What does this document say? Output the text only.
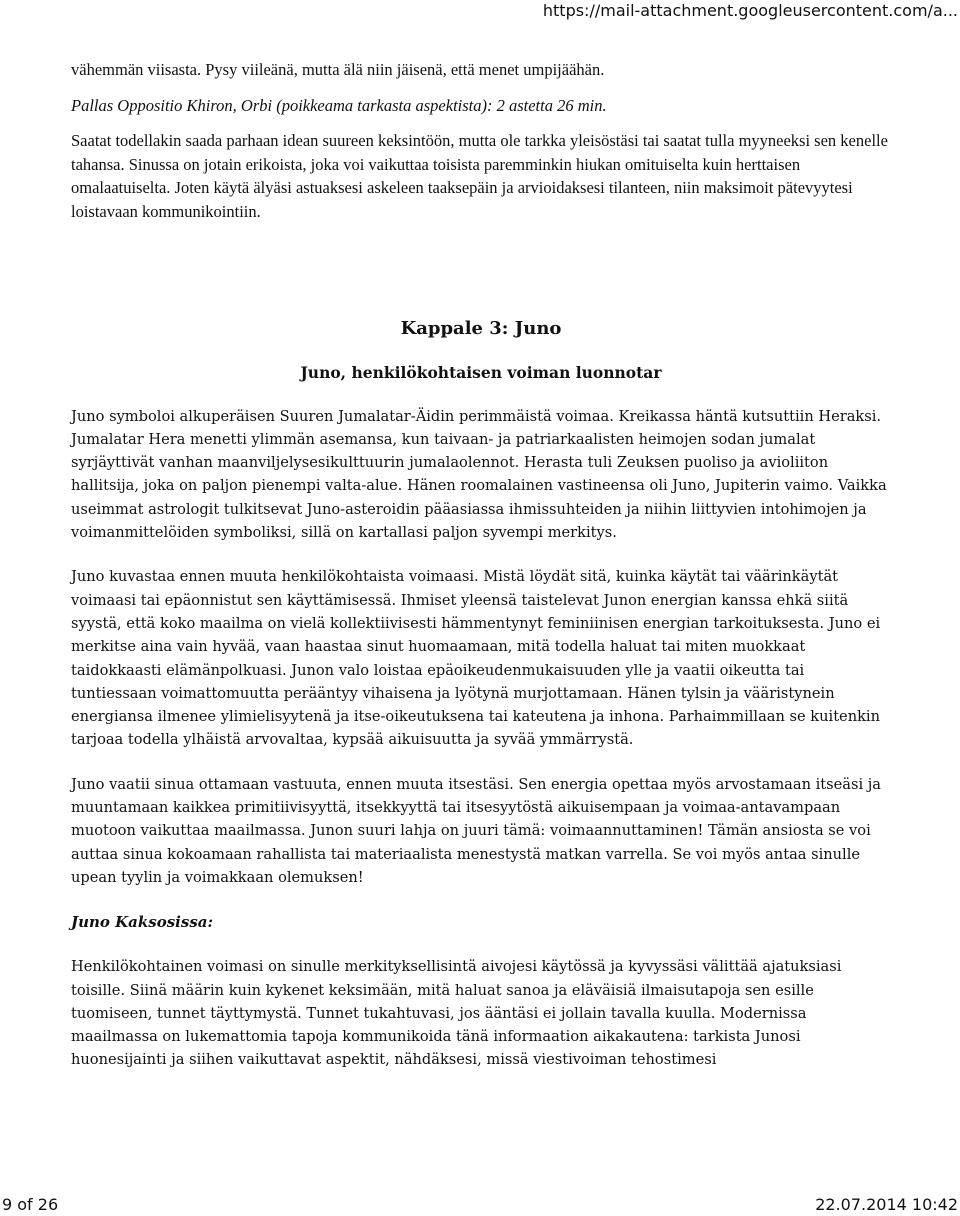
https://mail-attachment.googleusercontent.com/a...

vähemmän viisasta. Pysy viileänä, mutta älä niin jäisenä, että menet umpijäähän.

Pallas Oppositio Khiron, Orbi (poikkeama tarkasta aspektista): 2 astetta 26 min.

Saatat todellakin saada parhaan idean suureen keksintöön, mutta ole tarkka yleisöstäsi tai saatat tulla myyneeksi sen kenelle tahansa. Sinussa on jotain erikoista, joka voi vaikuttaa toisista paremminkin hiukan omituiselta kuin herttaisen omalaatuiselta. Joten käytä älyäsi astuaksesi askeleen taaksepäin ja arvioidaksesi tilanteen, niin maksimoit pätevyytesi loistavaan kommunikointiin.

Kappale 3: Juno
Juno, henkilökohtaisen voiman luonnotar

Juno symboloi alkuperäisen Suuren Jumalatar-Äidin perimmäistä voimaa. Kreikassa häntä kutsuttiin Heraksi. Jumalatar Hera menetti ylimmän asemansa, kun taivaan- ja patriarkaalisten heimojen sodan jumalat syrjäyttivät vanhan maanviljelysesikulttuurin jumalaolennot. Herasta tuli Zeuksen puoliso ja avioliiton hallitsija, joka on paljon pienempi valta-alue. Hänen roomalainen vastineensa oli Juno, Jupiterin vaimo. Vaikka useimmat astrologit tulkitsevat Juno-asteroidin pääasiassa ihmissuhteiden ja niihin liittyvien intohimojen ja voimanmittelöiden symboliksi, sillä on kartallasi paljon syvempi merkitys.

Juno kuvastaa ennen muuta henkilökohtaista voimaasi. Mistä löydät sitä, kuinka käytät tai väärinkäytät voimaasi tai epäonnistut sen käyttämisessä. Ihmiset yleensä taistelevat Junon energian kanssa ehkä siitä syystä, että koko maailma on vielä kollektiivisesti hämmentynyt feminiinisen energian tarkoituksesta. Juno ei merkitse aina vain hyvää, vaan haastaa sinut huomaamaan, mitä todella haluat tai miten muokkaat taidokkaasti elämänpolkuasi. Junon valo loistaa epäoikeudenmukaisuuden ylle ja vaatii oikeutta tai tuntiessaan voimattomuutta perääntyy vihaisena ja lyötynä murjottamaan. Hänen tylsin ja vääristynein energiansa ilmenee ylimielisyytenä ja itse-oikeutuksena tai kateutena ja inhona. Parhaimmillaan se kuitenkin tarjoaa todella ylhäistä arvovaltaa, kypsää aikuisuutta ja syvää ymmärrystä.

Juno vaatii sinua ottamaan vastuuta, ennen muuta itsestäsi. Sen energia opettaa myös arvostamaan itseäsi ja muuntamaan kaikkea primitiivisyyttä, itsekkyyttä tai itsesyytöstä aikuisempaan ja voimaa-antavampaan muotoon vaikuttaa maailmassa. Junon suuri lahja on juuri tämä: voimaannuttaminen! Tämän ansiosta se voi auttaa sinua kokoamaan rahallista tai materiaalista menestystä matkan varrella. Se voi myös antaa sinulle upean tyylin ja voimakkaan olemuksen!

Juno Kaksosissa:

Henkilökohtainen voimasi on sinulle merkityksellisintä aivojesi käytössä ja kyvyssäsi välittää ajatuksiasi toisille. Siinä määrin kuin kykenet keksimään, mitä haluat sanoa ja eläväisiä ilmaisutapoja sen esille tuomiseen, tunnet täyttymystä. Tunnet tukahtuvasi, jos ääntäsi ei jollain tavalla kuulla. Modernissa maailmassa on lukemattomia tapoja kommunikoida tänä informaation aikakautena: tarkista Junosi huonesijainti ja siihen vaikuttavat aspektit, nähdäksesi, missä viestivoiman tehostimesi

9 of 26	22.07.2014 10:42
